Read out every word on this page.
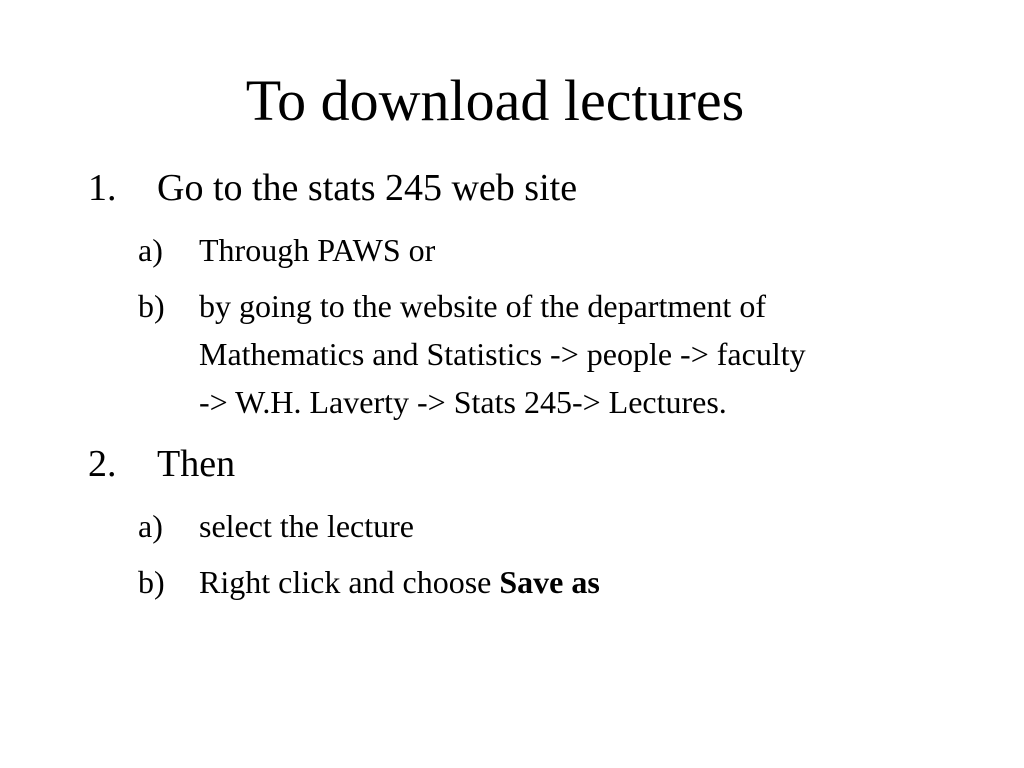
To download lectures
1. Go to the stats 245 web site
a) Through PAWS or
b) by going to the website of the department of
Mathematics and Statistics -> people -> faculty
-> W.H. Laverty -> Stats 245-> Lectures.
2. Then
a) select the lecture
b) Right click and choose Save as
